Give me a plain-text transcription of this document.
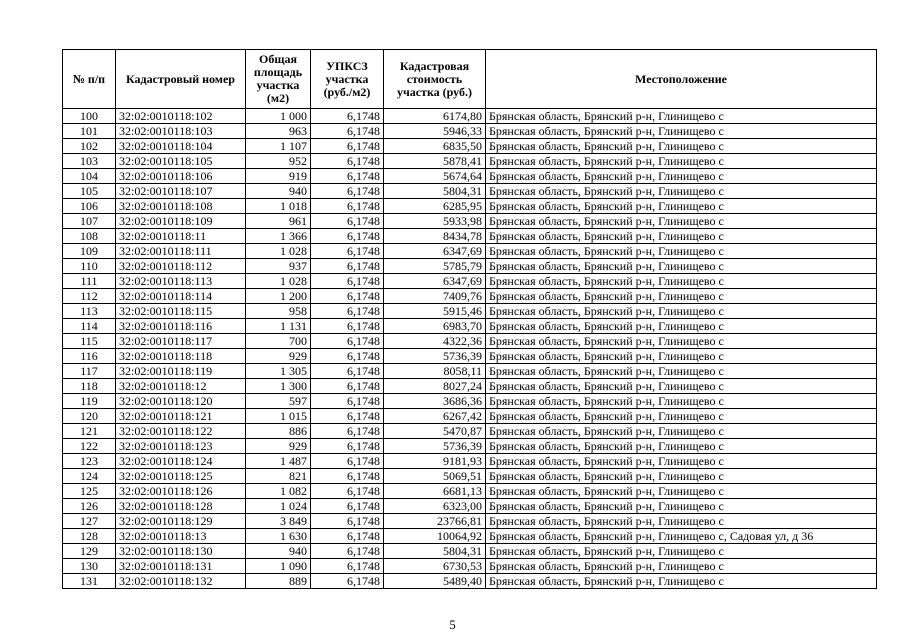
№ п/п	Кадастровый номер	Общая площадь участка (м2)	УПКСЗ участка (руб./м2)	Кадастровая стоимость участка (руб.)	Местоположение
100	32:02:0010118:102	1 000	6,1748	6174,80	Брянская область, Брянский р-н, Глинищево с
101	32:02:0010118:103	963	6,1748	5946,33	Брянская область, Брянский р-н, Глинищево с
102	32:02:0010118:104	1 107	6,1748	6835,50	Брянская область, Брянский р-н, Глинищево с
103	32:02:0010118:105	952	6,1748	5878,41	Брянская область, Брянский р-н, Глинищево с
104	32:02:0010118:106	919	6,1748	5674,64	Брянская область, Брянский р-н, Глинищево с
105	32:02:0010118:107	940	6,1748	5804,31	Брянская область, Брянский р-н, Глинищево с
106	32:02:0010118:108	1 018	6,1748	6285,95	Брянская область, Брянский р-н, Глинищево с
107	32:02:0010118:109	961	6,1748	5933,98	Брянская область, Брянский р-н, Глинищево с
108	32:02:0010118:11	1 366	6,1748	8434,78	Брянская область, Брянский р-н, Глинищево с
109	32:02:0010118:111	1 028	6,1748	6347,69	Брянская область, Брянский р-н, Глинищево с
110	32:02:0010118:112	937	6,1748	5785,79	Брянская область, Брянский р-н, Глинищево с
111	32:02:0010118:113	1 028	6,1748	6347,69	Брянская область, Брянский р-н, Глинищево с
112	32:02:0010118:114	1 200	6,1748	7409,76	Брянская область, Брянский р-н, Глинищево с
113	32:02:0010118:115	958	6,1748	5915,46	Брянская область, Брянский р-н, Глинищево с
114	32:02:0010118:116	1 131	6,1748	6983,70	Брянская область, Брянский р-н, Глинищево с
115	32:02:0010118:117	700	6,1748	4322,36	Брянская область, Брянский р-н, Глинищево с
116	32:02:0010118:118	929	6,1748	5736,39	Брянская область, Брянский р-н, Глинищево с
117	32:02:0010118:119	1 305	6,1748	8058,11	Брянская область, Брянский р-н, Глинищево с
118	32:02:0010118:12	1 300	6,1748	8027,24	Брянская область, Брянский р-н, Глинищево с
119	32:02:0010118:120	597	6,1748	3686,36	Брянская область, Брянский р-н, Глинищево с
120	32:02:0010118:121	1 015	6,1748	6267,42	Брянская область, Брянский р-н, Глинищево с
121	32:02:0010118:122	886	6,1748	5470,87	Брянская область, Брянский р-н, Глинищево с
122	32:02:0010118:123	929	6,1748	5736,39	Брянская область, Брянский р-н, Глинищево с
123	32:02:0010118:124	1 487	6,1748	9181,93	Брянская область, Брянский р-н, Глинищево с
124	32:02:0010118:125	821	6,1748	5069,51	Брянская область, Брянский р-н, Глинищево с
125	32:02:0010118:126	1 082	6,1748	6681,13	Брянская область, Брянский р-н, Глинищево с
126	32:02:0010118:128	1 024	6,1748	6323,00	Брянская область, Брянский р-н, Глинищево с
127	32:02:0010118:129	3 849	6,1748	23766,81	Брянская область, Брянский р-н, Глинищево с
128	32:02:0010118:13	1 630	6,1748	10064,92	Брянская область, Брянский р-н, Глинищево с, Садовая ул, д 36
129	32:02:0010118:130	940	6,1748	5804,31	Брянская область, Брянский р-н, Глинищево с
130	32:02:0010118:131	1 090	6,1748	6730,53	Брянская область, Брянский р-н, Глинищево с
131	32:02:0010118:132	889	6,1748	5489,40	Брянская область, Брянский р-н, Глинищево с
5
